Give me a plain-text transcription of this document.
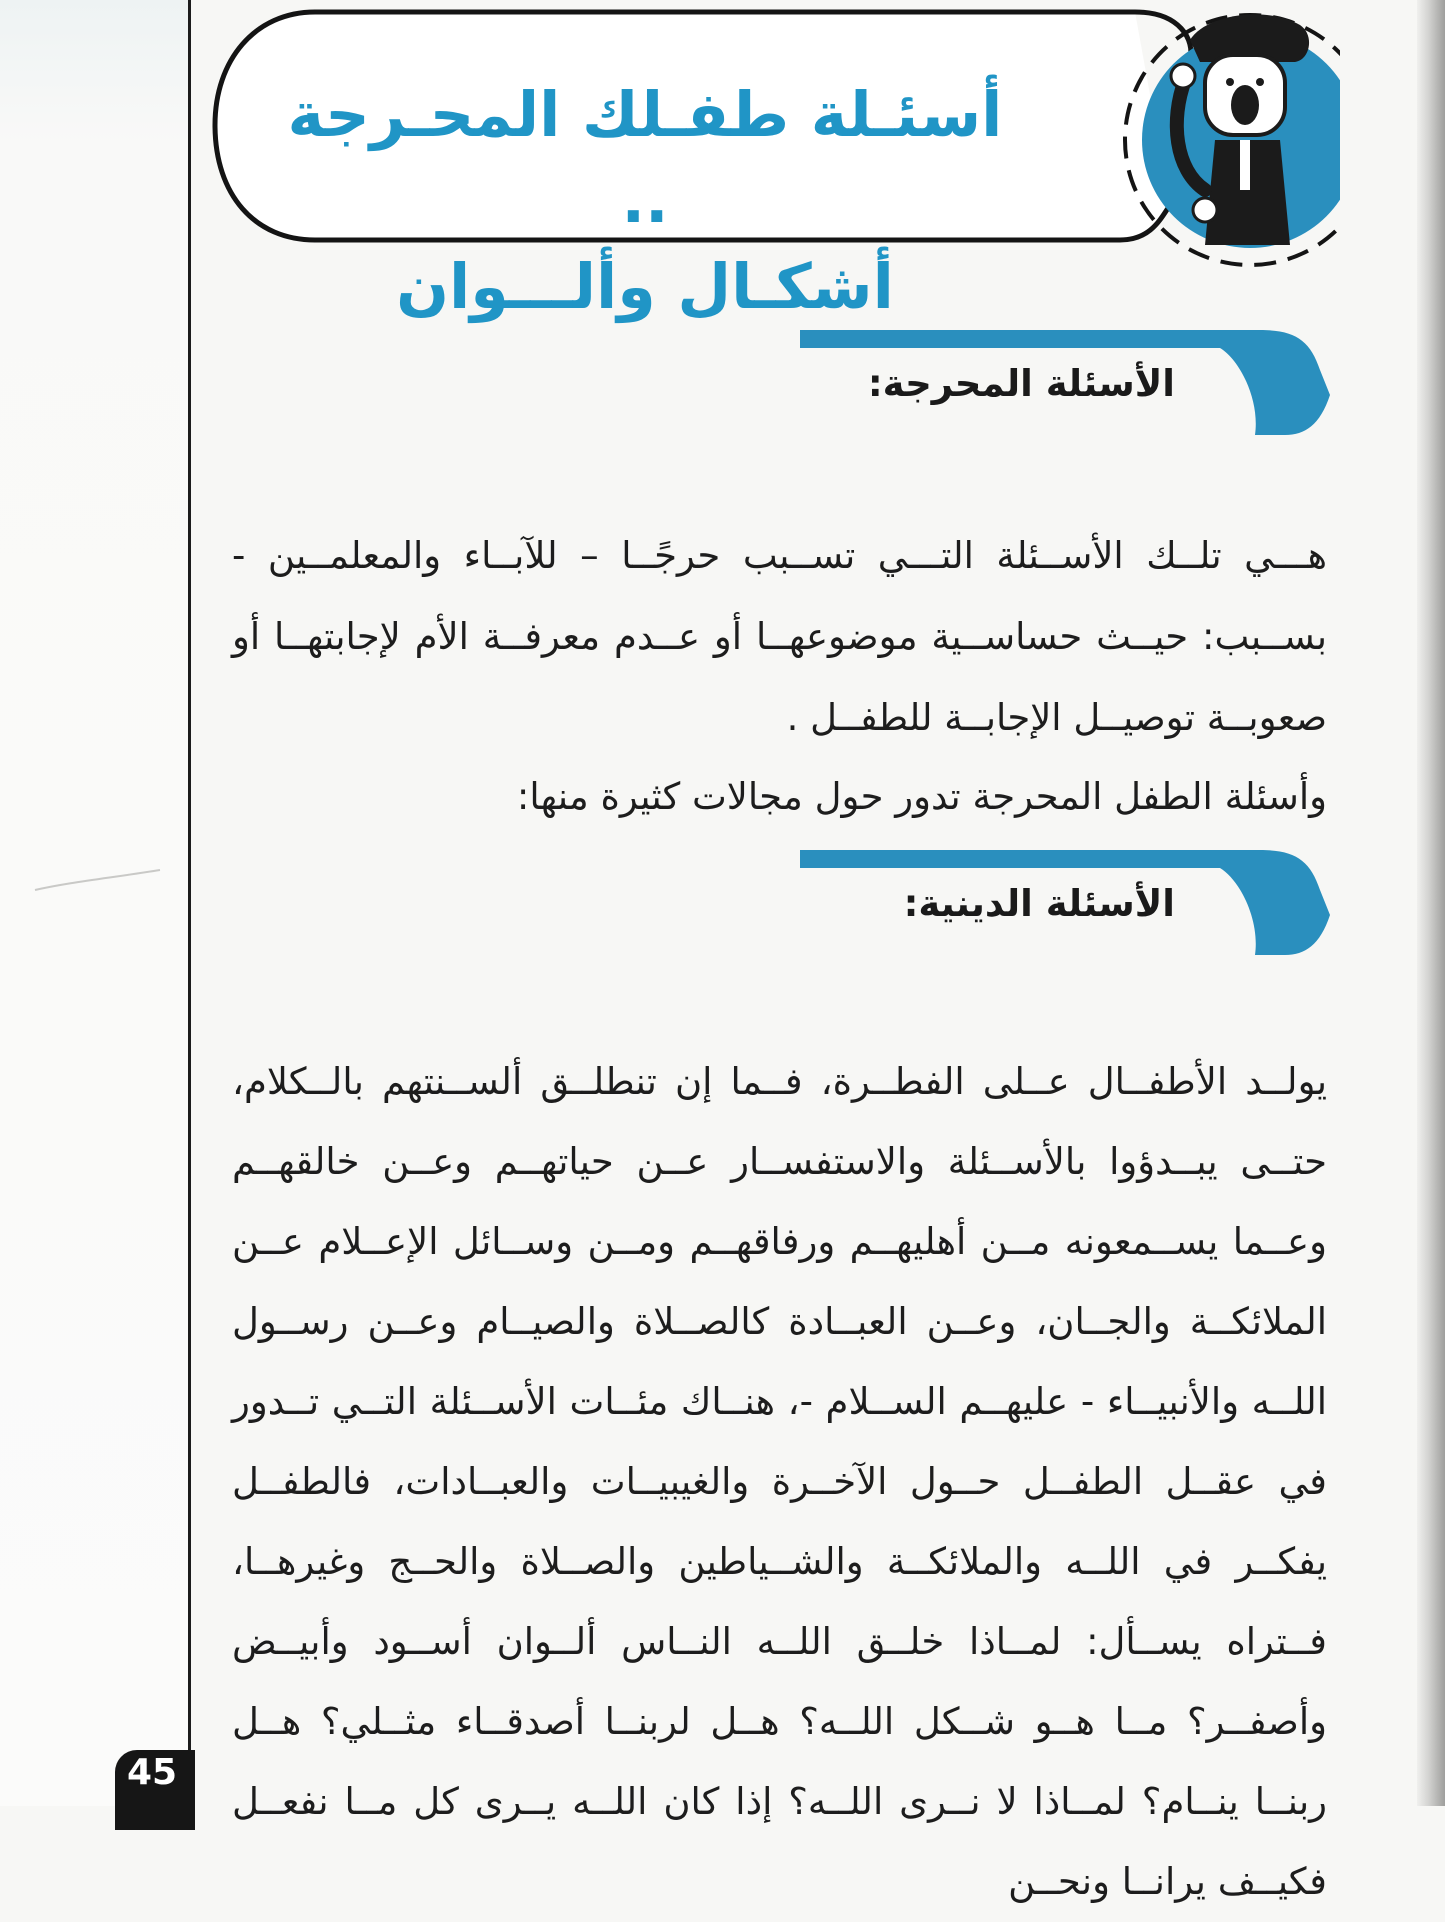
أسئـلة طفـلك المحـرجة ..
أشكـال وألـــوان
الأسئلة المحرجة:

هـــي تلــك الأســئلة التـــي تســبب حرجًــا – للآبــاء والمعلمــين - بســبب: حيــث حساســية موضوعهــا أو عــدم معرفــة الأم لإجابتهــا أو صعوبــة توصيــل الإجابــة للطفــل .

وأسئلة الطفل المحرجة تدور حول مجالات كثيرة منها:

الأسئلة الدينية:

يولــد الأطفــال عــلى الفطــرة، فــما إن تنطلــق ألســنتهم بالــكلام، حتــى يبــدؤوا بالأســئلة والاستفســار عــن حياتهــم وعــن خالقهــم وعــما يســمعونه مــن أهليهــم ورفاقهــم ومــن وســائل الإعــلام عــن الملائكــة والجــان، وعــن العبــادة كالصــلاة والصيــام وعــن رســول اللــه والأنبيــاء - عليهــم الســلام -، هنــاك مئــات الأســئلة التــي تــدور في عقــل الطفــل حــول الآخــرة والغيبيــات والعبــادات، فالطفــل يفكــر في اللــه والملائكــة والشــياطين والصــلاة والحــج وغيرهــا، فــتراه يســأل: لمــاذا خلــق اللــه النــاس ألــوان أســود وأبيــض وأصفــر؟ مــا هــو شــكل اللــه؟ هــل لربنــا أصدقــاء مثــلي؟ هــل ربنــا ينــام؟ لمــاذا لا نــرى اللــه؟ إذا كان اللــه يــرى كل مــا نفعــل فكيــف يرانــا ونحــن

45
